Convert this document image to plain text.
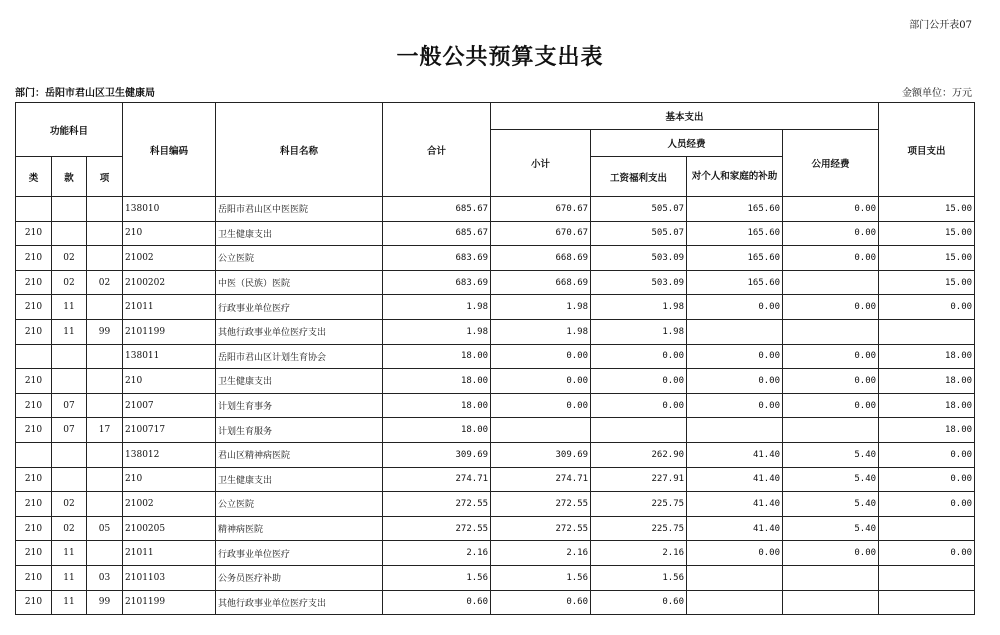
部门公开表07
一般公共预算支出表
部门：岳阳市君山区卫生健康局	金额单位：万元
功能科目			科目编码	科目名称	合计	基本支出				项目支出
						小计	人员经费		公用经费	
类	款	项					工资福利支出	对个人和家庭的补助		

			138010	岳阳市君山区中医医院	685.67	670.67	505.07	165.60	0.00	15.00
210			210	卫生健康支出	685.67	670.67	505.07	165.60	0.00	15.00
210	02		21002	公立医院	683.69	668.69	503.09	165.60	0.00	15.00
210	02	02	2100202	中医（民族）医院	683.69	668.69	503.09	165.60		15.00
210	11		21011	行政事业单位医疗	1.98	1.98	1.98	0.00	0.00	0.00
210	11	99	2101199	其他行政事业单位医疗支出	1.98	1.98	1.98			
			138011	岳阳市君山区计划生育协会	18.00	0.00	0.00	0.00	0.00	18.00
210			210	卫生健康支出	18.00	0.00	0.00	0.00	0.00	18.00
210	07		21007	计划生育事务	18.00	0.00	0.00	0.00	0.00	18.00
210	07	17	2100717	计划生育服务	18.00					18.00
			138012	君山区精神病医院	309.69	309.69	262.90	41.40	5.40	0.00
210			210	卫生健康支出	274.71	274.71	227.91	41.40	5.40	0.00
210	02		21002	公立医院	272.55	272.55	225.75	41.40	5.40	0.00
210	02	05	2100205	精神病医院	272.55	272.55	225.75	41.40	5.40	
210	11		21011	行政事业单位医疗	2.16	2.16	2.16	0.00	0.00	0.00
210	11	03	2101103	公务员医疗补助	1.56	1.56	1.56			
210	11	99	2101199	其他行政事业单位医疗支出	0.60	0.60	0.60			
